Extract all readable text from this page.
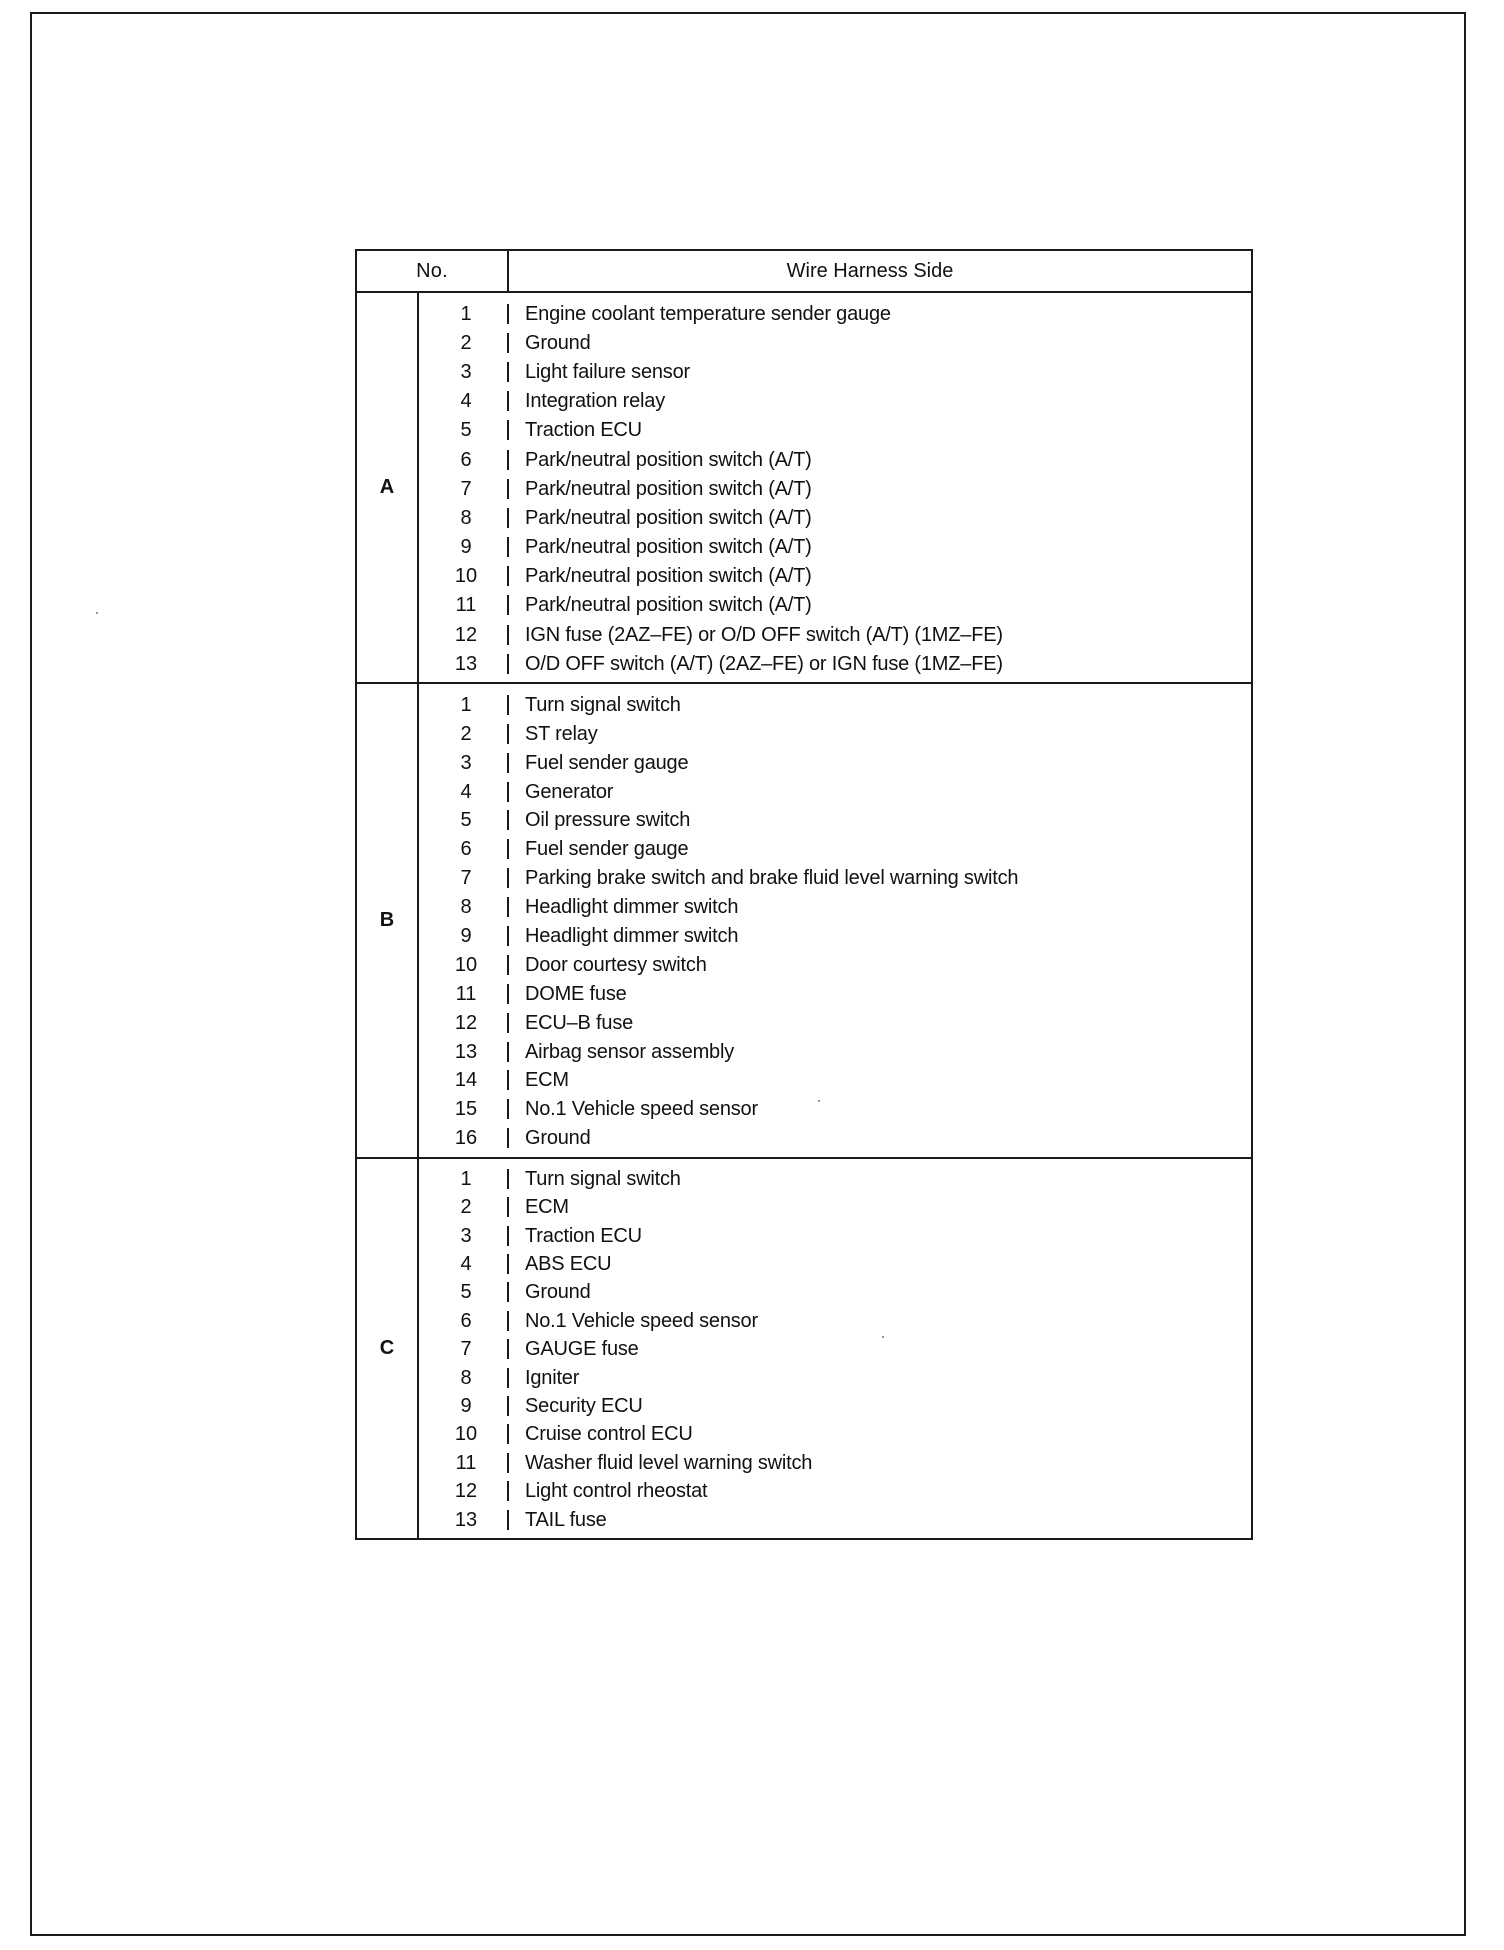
No.	Wire Harness Side
A
1	Engine coolant temperature sender gauge
2	Ground
3	Light failure sensor
4	Integration relay
5	Traction ECU
6	Park/neutral position switch (A/T)
7	Park/neutral position switch (A/T)
8	Park/neutral position switch (A/T)
9	Park/neutral position switch (A/T)
10	Park/neutral position switch (A/T)
11	Park/neutral position switch (A/T)
12	IGN fuse (2AZ–FE) or O/D OFF switch (A/T) (1MZ–FE)
13	O/D OFF switch (A/T) (2AZ–FE) or IGN fuse (1MZ–FE)
B
1	Turn signal switch
2	ST relay
3	Fuel sender gauge
4	Generator
5	Oil pressure switch
6	Fuel sender gauge
7	Parking brake switch and brake fluid level warning switch
8	Headlight dimmer switch
9	Headlight dimmer switch
10	Door courtesy switch
11	DOME fuse
12	ECU–B fuse
13	Airbag sensor assembly
14	ECM
15	No.1 Vehicle speed sensor
16	Ground
C
1	Turn signal switch
2	ECM
3	Traction ECU
4	ABS ECU
5	Ground
6	No.1 Vehicle speed sensor
7	GAUGE fuse
8	Igniter
9	Security ECU
10	Cruise control ECU
11	Washer fluid level warning switch
12	Light control rheostat
13	TAIL fuse
